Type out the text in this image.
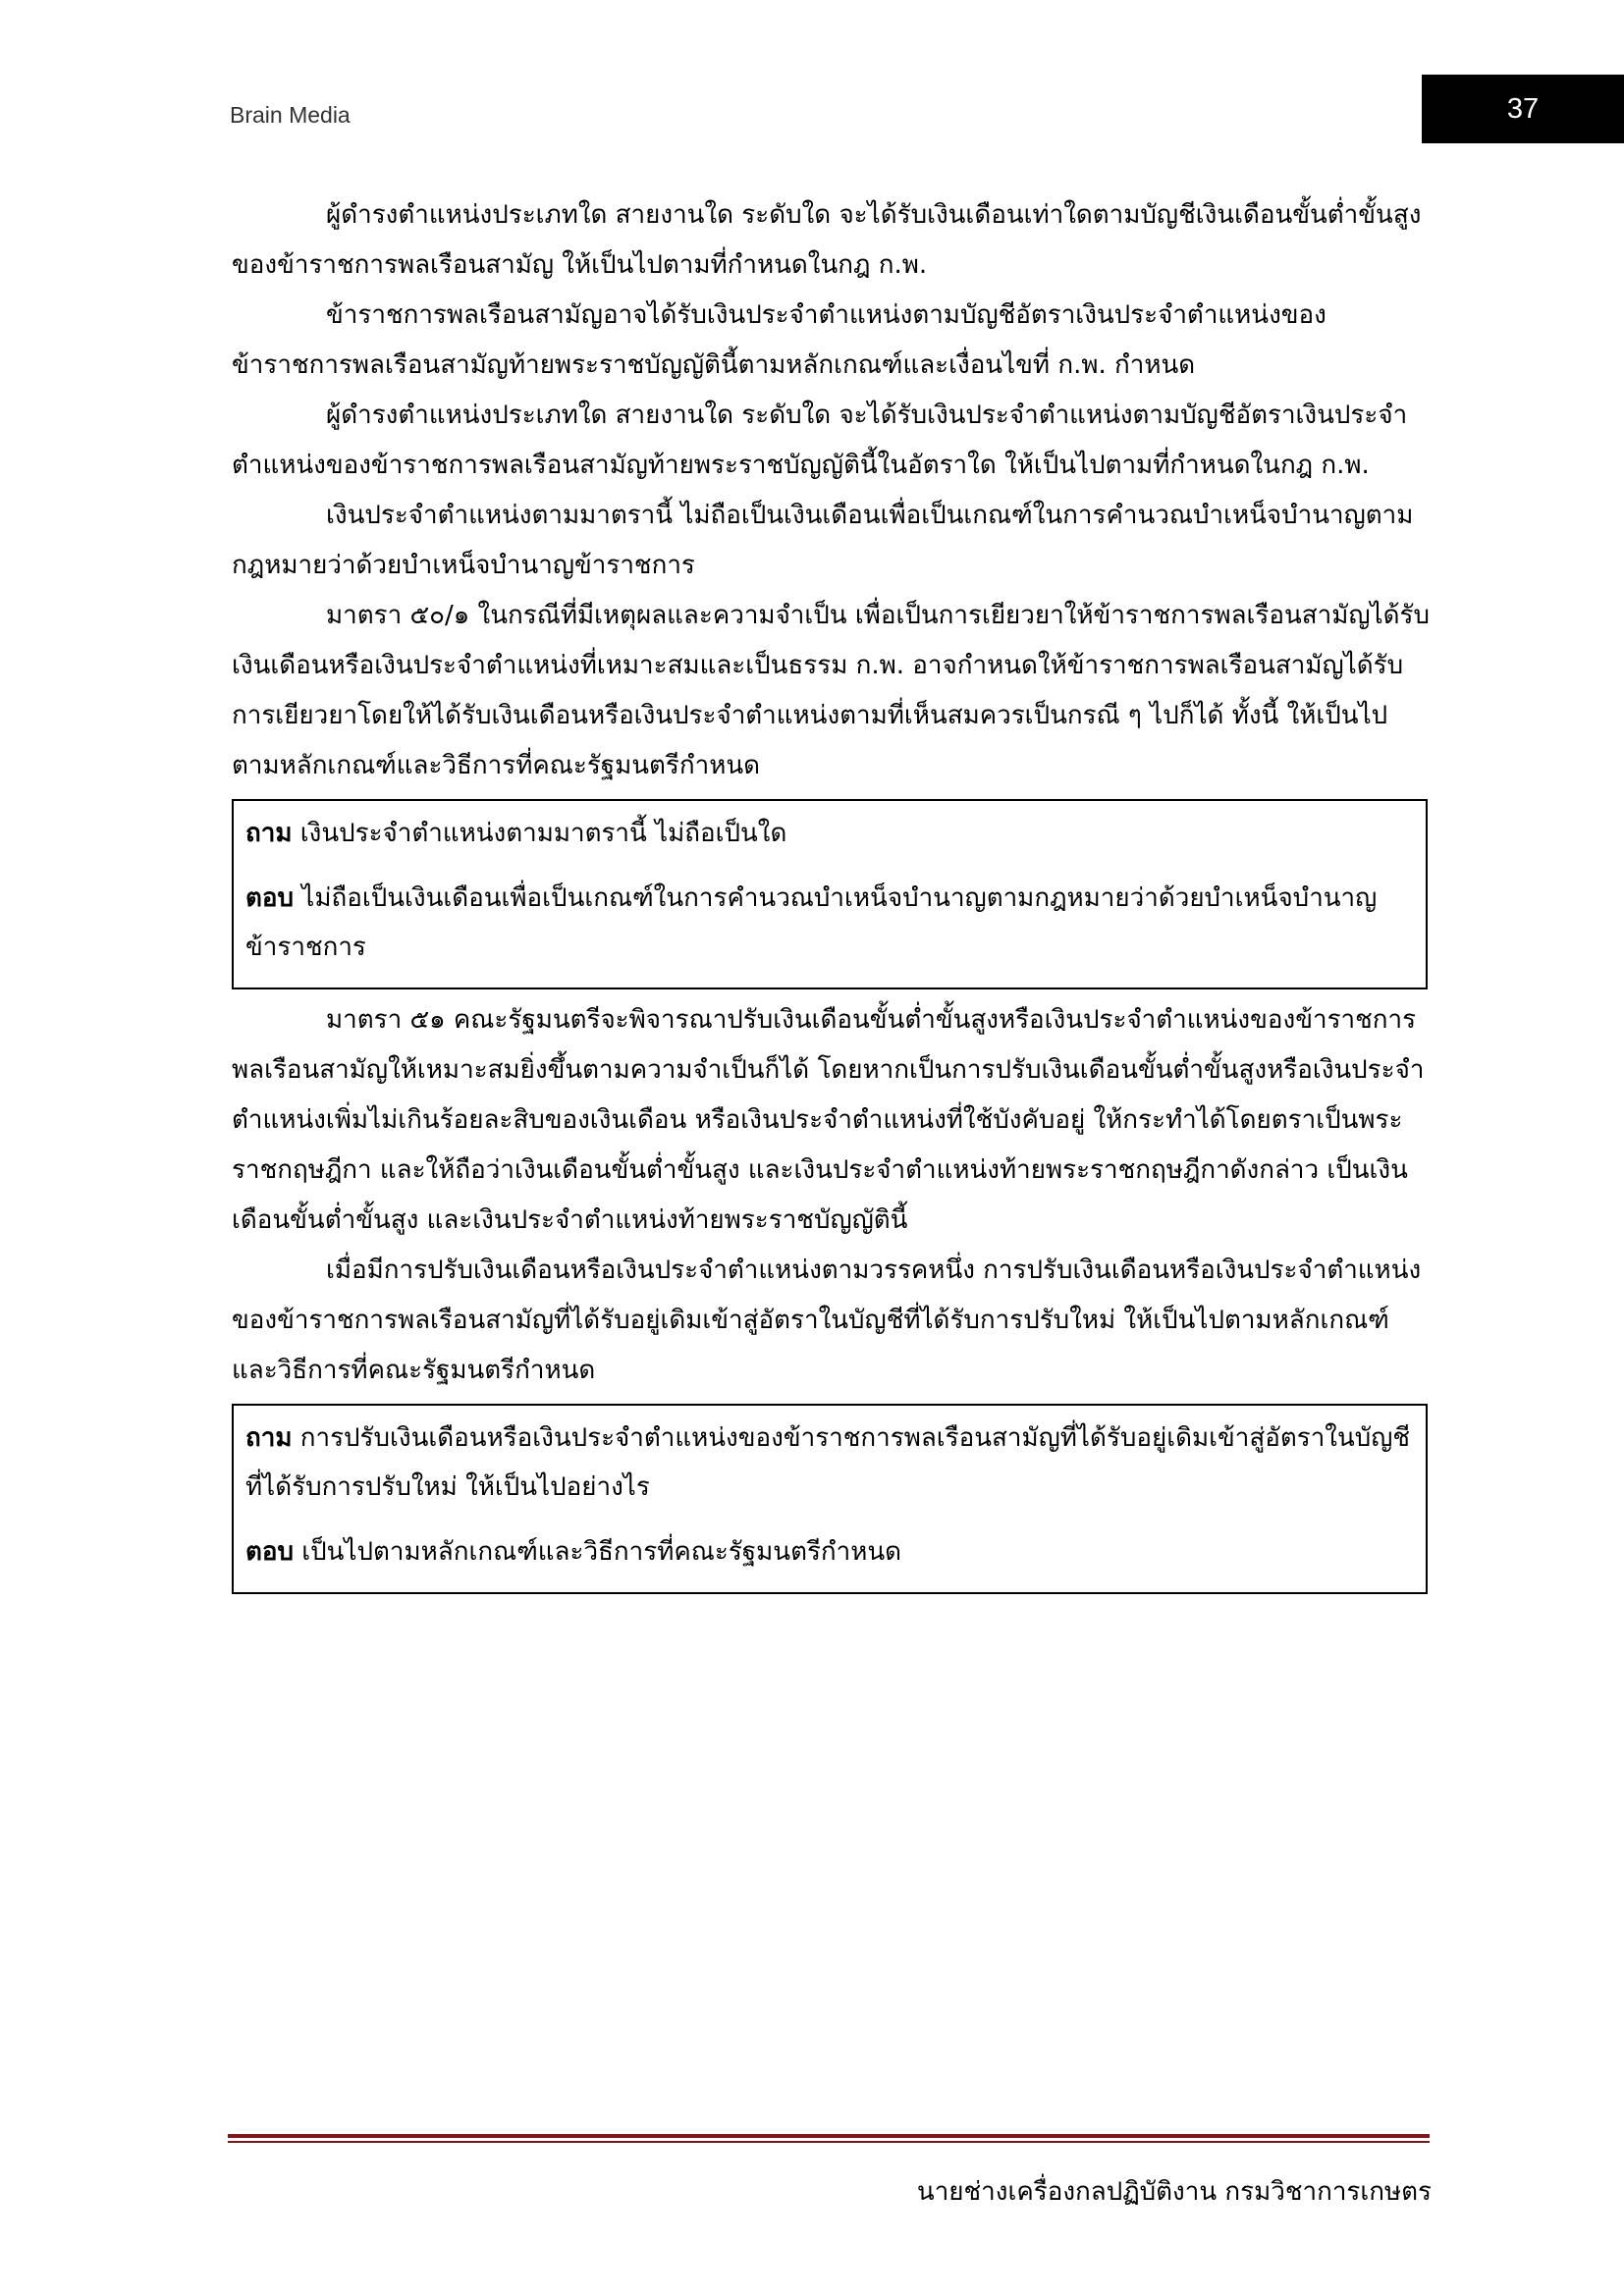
Brain Media	37

ผู้ดำรงตำแหน่งประเภทใด สายงานใด ระดับใด จะได้รับเงินเดือนเท่าใดตามบัญชีเงินเดือนขั้นต่ำขั้นสูงของข้าราชการพลเรือนสามัญ ให้เป็นไปตามที่กำหนดในกฎ ก.พ.

ข้าราชการพลเรือนสามัญอาจได้รับเงินประจำตำแหน่งตามบัญชีอัตราเงินประจำตำแหน่งของข้าราชการพลเรือนสามัญท้ายพระราชบัญญัตินี้ตามหลักเกณฑ์และเงื่อนไขที่ ก.พ. กำหนด

ผู้ดำรงตำแหน่งประเภทใด สายงานใด ระดับใด จะได้รับเงินประจำตำแหน่งตามบัญชีอัตราเงินประจำตำแหน่งของข้าราชการพลเรือนสามัญท้ายพระราชบัญญัตินี้ในอัตราใด ให้เป็นไปตามที่กำหนดในกฎ ก.พ.

เงินประจำตำแหน่งตามมาตรานี้ ไม่ถือเป็นเงินเดือนเพื่อเป็นเกณฑ์ในการคำนวณบำเหน็จบำนาญตามกฎหมายว่าด้วยบำเหน็จบำนาญข้าราชการ

มาตรา ๕๐/๑ ในกรณีที่มีเหตุผลและความจำเป็น เพื่อเป็นการเยียวยาให้ข้าราชการพลเรือนสามัญได้รับเงินเดือนหรือเงินประจำตำแหน่งที่เหมาะสมและเป็นธรรม ก.พ. อาจกำหนดให้ข้าราชการพลเรือนสามัญได้รับการเยียวยาโดยให้ได้รับเงินเดือนหรือเงินประจำตำแหน่งตามที่เห็นสมควรเป็นกรณี ๆ ไปก็ได้ ทั้งนี้ ให้เป็นไปตามหลักเกณฑ์และวิธีการที่คณะรัฐมนตรีกำหนด

ถาม เงินประจำตำแหน่งตามมาตรานี้ ไม่ถือเป็นใด

ตอบ ไม่ถือเป็นเงินเดือนเพื่อเป็นเกณฑ์ในการคำนวณบำเหน็จบำนาญตามกฎหมายว่าด้วยบำเหน็จบำนาญข้าราชการ

มาตรา ๕๑ คณะรัฐมนตรีจะพิจารณาปรับเงินเดือนขั้นต่ำขั้นสูงหรือเงินประจำตำแหน่งของข้าราชการพลเรือนสามัญให้เหมาะสมยิ่งขึ้นตามความจำเป็นก็ได้ โดยหากเป็นการปรับเงินเดือนขั้นต่ำขั้นสูงหรือเงินประจำตำแหน่งเพิ่มไม่เกินร้อยละสิบของเงินเดือน หรือเงินประจำตำแหน่งที่ใช้บังคับอยู่ ให้กระทำได้โดยตราเป็นพระราชกฤษฎีกา และให้ถือว่าเงินเดือนขั้นต่ำขั้นสูง และเงินประจำตำแหน่งท้ายพระราชกฤษฎีกาดังกล่าว เป็นเงินเดือนขั้นต่ำขั้นสูง และเงินประจำตำแหน่งท้ายพระราชบัญญัตินี้

เมื่อมีการปรับเงินเดือนหรือเงินประจำตำแหน่งตามวรรคหนึ่ง การปรับเงินเดือนหรือเงินประจำตำแหน่งของข้าราชการพลเรือนสามัญที่ได้รับอยู่เดิมเข้าสู่อัตราในบัญชีที่ได้รับการปรับใหม่ ให้เป็นไปตามหลักเกณฑ์และวิธีการที่คณะรัฐมนตรีกำหนด

ถาม การปรับเงินเดือนหรือเงินประจำตำแหน่งของข้าราชการพลเรือนสามัญที่ได้รับอยู่เดิมเข้าสู่อัตราในบัญชีที่ได้รับการปรับใหม่ ให้เป็นไปอย่างไร

ตอบ เป็นไปตามหลักเกณฑ์และวิธีการที่คณะรัฐมนตรีกำหนด

นายช่างเครื่องกลปฏิบัติงาน กรมวิชาการเกษตร
